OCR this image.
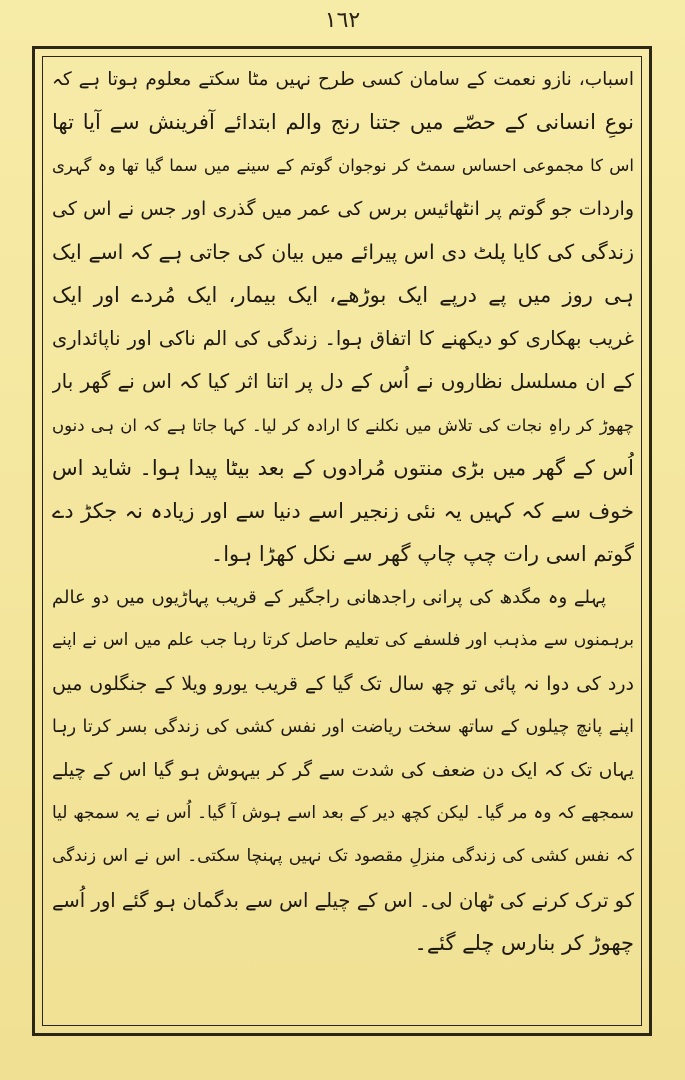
١٦٢
اسباب، نازو نعمت کے سامان کسی طرح نہیں مٹا سکتے معلوم ہوتا ہے کہ
نوعِ انسانی کے حصّے میں جتنا رنج والم ابتدائے آفرینش سے آیا تھا
اس کا مجموعی احساس سمٹ کر نوجوان گوتم کے سینے میں سما گیا تھا وہ گہری
واردات جو گوتم پر انٹھائیس برس کی عمر میں گذری اور جس نے اس کی
زندگی کی کایا پلٹ دی اس پیرائے میں بیان کی جاتی ہے کہ اسے ایک
ہی روز میں پے درپے ایک بوڑھے، ایک بیمار، ایک مُردے اور ایک
غریب بھکاری کو دیکھنے کا اتفاق ہوا۔ زندگی کی الم ناکی اور ناپائداری
کے ان مسلسل نظاروں نے اُس کے دل پر اتنا اثر کیا کہ اس نے گھر بار
چھوڑ کر راہِ نجات کی تلاش میں نکلنے کا ارادہ کر لیا۔ کہا جاتا ہے کہ ان ہی دنوں
اُس کے گھر میں بڑی منتوں مُرادوں کے بعد بیٹا پیدا ہوا۔ شاید اس
خوف سے کہ کہیں یہ نئی زنجیر اسے دنیا سے اور زیادہ نہ جکڑ دے
گوتم اسی رات چپ چاپ گھر سے نکل کھڑا ہوا۔
پہلے وہ مگدھ کی پرانی راجدھانی راجگیر کے قریب پہاڑیوں میں دو عالم
برہمنوں سے مذہب اور فلسفے کی تعلیم حاصل کرتا رہا جب علم میں اس نے اپنے
درد کی دوا نہ پائی تو چھ سال تک گیا کے قریب یورو ویلا کے جنگلوں میں
اپنے پانچ چیلوں کے ساتھ سخت ریاضت اور نفس کشی کی زندگی بسر کرتا رہا
یہاں تک کہ ایک دن ضعف کی شدت سے گر کر بیہوش ہو گیا اس کے چیلے
سمجھے کہ وہ مر گیا۔ لیکن کچھ دیر کے بعد اسے ہوش آ گیا۔ اُس نے یہ سمجھ لیا
کہ نفس کشی کی زندگی منزلِ مقصود تک نہیں پہنچا سکتی۔ اس نے اس زندگی
کو ترک کرنے کی ٹھان لی۔ اس کے چیلے اس سے بدگمان ہو گئے اور اُسے
چھوڑ کر بنارس چلے گئے۔
